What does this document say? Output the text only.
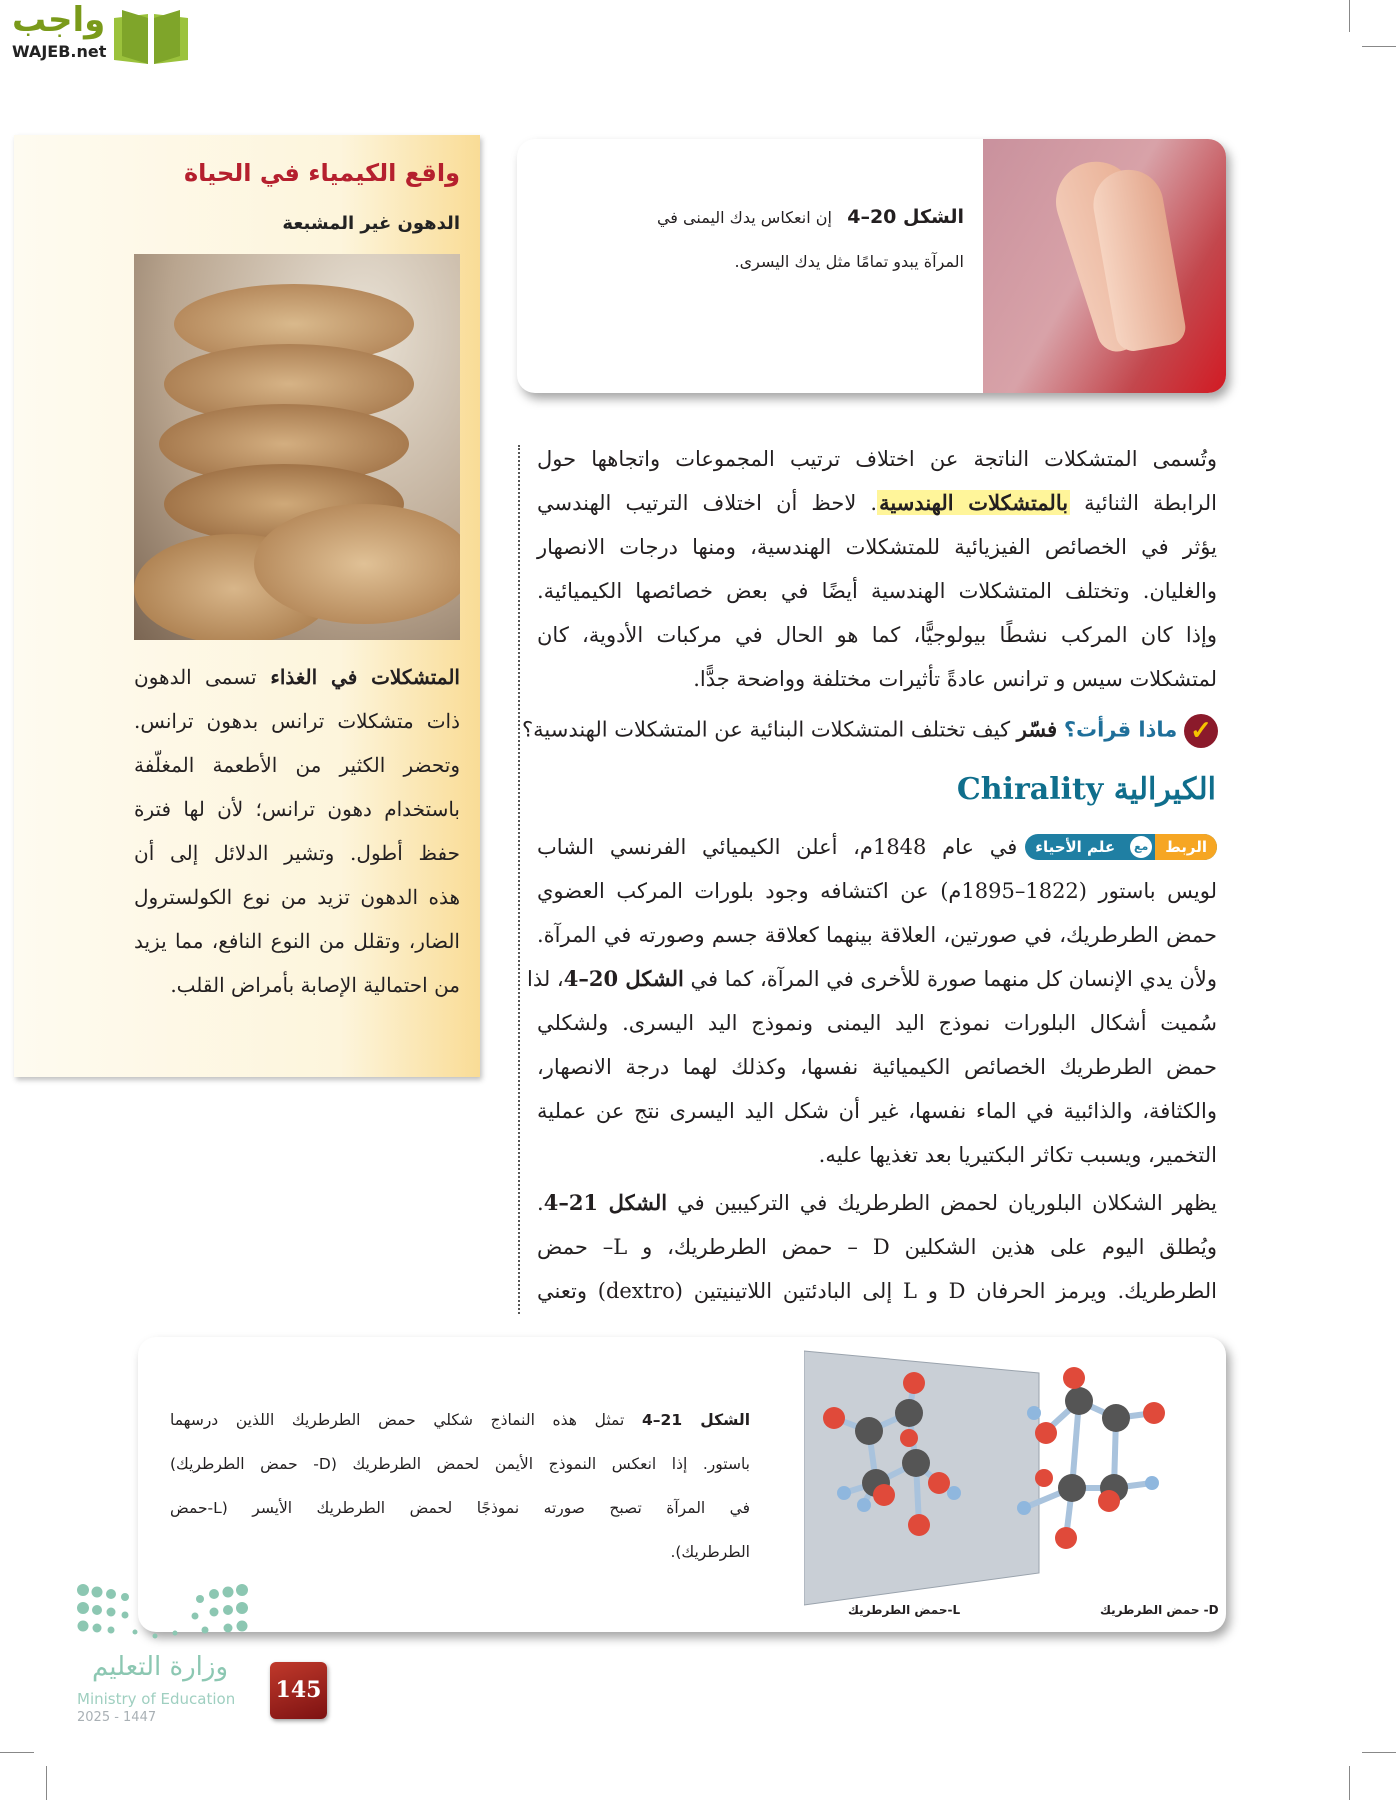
واجب
WAJEB.net
الشكل 20–4   إن انعكاس يدك اليمنى في
المرآة يبدو تمامًا مثل يدك اليسرى.
واقع الكيمياء في الحياة
الدهون غير المشبعة
المتشكلات في الغذاء تسمى الدهون
ذات متشكلات ترانس بدهون ترانس.
وتحضر الكثير من الأطعمة المغلّفة
باستخدام دهون ترانس؛ لأن لها فترة
حفظ أطول. وتشير الدلائل إلى أن
هذه الدهون تزيد من نوع الكولسترول
الضار، وتقلل من النوع النافع، مما يزيد
من احتمالية الإصابة بأمراض القلب.
وتُسمى المتشكلات الناتجة عن اختلاف ترتيب المجموعات واتجاهها حول
الرابطة الثنائية بالمتشكلات الهندسية. لاحظ أن اختلاف الترتيب الهندسي
يؤثر في الخصائص الفيزيائية للمتشكلات الهندسية، ومنها درجات الانصهار
والغليان. وتختلف المتشكلات الهندسية أيضًا في بعض خصائصها الكيميائية.
وإذا كان المركب نشطًا بيولوجيًّا، كما هو الحال في مركبات الأدوية، كان
لمتشكلات سيس و ترانس عادةً تأثيرات مختلفة وواضحة جدًّا.
✓ ماذا قرأت؟ فسّر كيف تختلف المتشكلات البنائية عن المتشكلات الهندسية؟
الكيرالية Chirality
الربط
مع
علم الأحياء
في عام 1848م، أعلن الكيميائي الفرنسي الشاب
لويس باستور (1822–1895م) عن اكتشافه وجود بلورات المركب العضوي
حمض الطرطريك، في صورتين، العلاقة بينهما كعلاقة جسم وصورته في المرآة.
ولأن يدي الإنسان كل منهما صورة للأخرى في المرآة، كما في الشكل 20–4، لذا
سُميت أشكال البلورات نموذج اليد اليمنى ونموذج اليد اليسرى. ولشكلي
حمض الطرطريك الخصائص الكيميائية نفسها، وكذلك لهما درجة الانصهار،
والكثافة، والذائبية في الماء نفسها، غير أن شكل اليد اليسرى نتج عن عملية
التخمير، ويسبب تكاثر البكتيريا بعد تغذيها عليه.
يظهر الشكلان البلوريان لحمض الطرطريك في التركيبين في الشكل 21–4.
ويُطلق اليوم على هذين الشكلين D – حمض الطرطريك، و L– حمض
الطرطريك. ويرمز الحرفان D و L إلى البادئتين اللاتينيتين (dextro) وتعني
الشكل 21–4 تمثل هذه النماذج شكلي حمض الطرطريك اللذين درسهما
باستور. إذا انعكس النموذج الأيمن لحمض الطرطريك (D- حمض الطرطريك)
في المرآة تصبح صورته نموذجًا لحمض الطرطريك الأيسر (L-حمض
الطرطريك).
D- حمض الطرطريك
L-حمض الطرطريك
وزارة التعليم
Ministry of Education
2025 - 1447
145
